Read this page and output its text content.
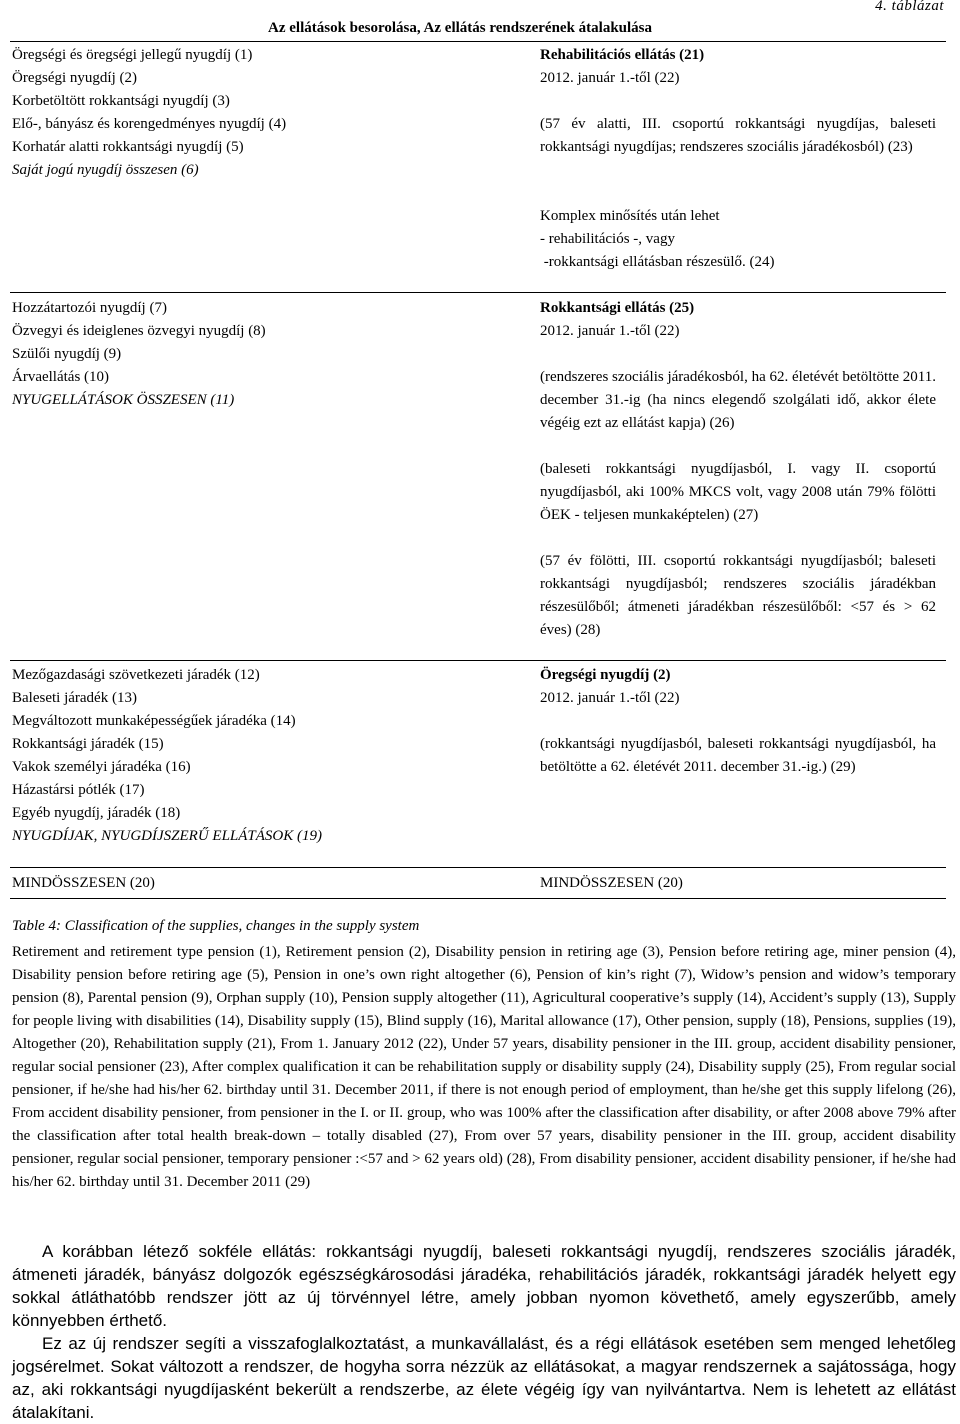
4. táblázat
Az ellátások besorolása, Az ellátás rendszerének átalakulása
Öregségi és öregségi jellegű nyugdíj (1)
Öregségi nyugdíj (2)
Korbetöltött rokkantsági nyugdíj (3)
Elő-, bányász és korengedményes nyugdíj (4)
Korhatár alatti rokkantsági nyugdíj (5)
Saját jogú nyugdíj összesen (6)
Hozzátartozói nyugdíj (7)
Özvegyi és ideiglenes özvegyi nyugdíj (8)
Szülői nyugdíj (9)
Árvaellátás (10)
NYUGELLÁTÁSOK ÖSSZESEN (11)
Mezőgazdasági szövetkezeti járadék (12)
Baleseti járadék (13)
Megváltozott munkaképességűek járadéka (14)
Rokkantsági járadék (15)
Vakok személyi járadéka (16)
Házastársi pótlék (17)
Egyéb nyugdíj, járadék (18)
NYUGDÍJAK, NYUGDÍJSZERŰ ELLÁTÁSOK (19)
MINDÖSSZESEN (20)
Rehabilitációs ellátás (21)
2012. január 1.-től (22)
(57 év alatti, III. csoportú rokkantsági nyugdíjas, baleseti rokkantsági nyugdíjas; rendszeres szociális járadékosból) (23)
Komplex minősítés után lehet
- rehabilitációs -, vagy
-rokkantsági ellátásban részesülő. (24)
Rokkantsági ellátás (25)
2012. január 1.-től (22)
(rendszeres szociális járadékosból, ha 62. életévét betöltötte 2011. december 31.-ig (ha nincs elegendő szolgálati idő, akkor élete végéig ezt az ellátást kapja) (26)
(baleseti rokkantsági nyugdíjasból, I. vagy II. csoportú nyugdíjasból, aki 100% MKCS volt, vagy 2008 után 79% fölötti ÖEK - teljesen munkaképtelen) (27)
(57 év fölötti, III. csoportú rokkantsági nyugdíjasból; baleseti rokkantsági nyugdíjasból; rendszeres szociális járadékban részesülőből; átmeneti járadékban részesülőből: <57 és > 62 éves) (28)
Öregségi nyugdíj (2)
2012. január 1.-től (22)
(rokkantsági nyugdíjasból, baleseti rokkantsági nyugdíjasból, ha betöltötte a 62. életévét 2011. december 31.-ig.) (29)
MINDÖSSZESEN (20)
Table 4: Classification of the supplies, changes in the supply system
Retirement and retirement type pension (1), Retirement pension (2), Disability pension in retiring age (3), Pension before retiring age, miner pension (4), Disability pension before retiring age (5), Pension in one’s own right altogether (6), Pension of kin’s right (7), Widow’s pension and widow’s temporary pension (8), Parental pension (9), Orphan supply (10), Pension supply altogether (11), Agricultural cooperative’s supply (14), Accident’s supply (13), Supply for people living with disabilities (14), Disability supply (15), Blind supply (16), Marital allowance (17), Other pension, supply (18), Pensions, supplies (19), Altogether (20), Rehabilitation supply (21), From 1. January 2012 (22), Under 57 years, disability pensioner in the III. group, accident disability pensioner, regular social pensioner (23), After complex qualification it can be rehabilitation supply or disability supply (24), Disability supply (25), From regular social pensioner, if he/she had his/her 62. birthday until 31. December 2011, if there is not enough period of employment, than he/she get this supply lifelong (26), From accident disability pensioner, from pensioner in the I. or II. group, who was 100% after the classification after disability, or after 2008 above 79% after the classification after total health break-down – totally disabled (27), From over 57 years, disability pensioner in the III. group, accident disability pensioner, regular social pensioner, temporary pensioner :<57 and > 62 years old) (28), From disability pensioner, accident disability pensioner, if he/she had his/her 62. birthday until 31. December 2011 (29)
A korábban létező sokféle ellátás: rokkantsági nyugdíj, baleseti rokkantsági nyugdíj, rendszeres szociális járadék, átmeneti járadék, bányász dolgozók egészségkárosodási járadéka, rehabilitációs járadék, rokkantsági járadék helyett egy sokkal átláthatóbb rendszer jött az új törvénnyel létre, amely jobban nyomon követhető, amely egyszerűbb, amely könnyebben érthető.
Ez az új rendszer segíti a visszafoglalkoztatást, a munkavállalást, és a régi ellátások esetében sem menged lehetőleg jogsérelmet. Sokat változott a rendszer, de hogyha sorra nézzük az ellátásokat, a magyar rendszernek a sajátossága, hogy az, aki rokkantsági nyugdíjasként bekerült a rendszerbe, az élete végéig így van nyilvántartva. Nem is lehetett az ellátást átalakítani.
